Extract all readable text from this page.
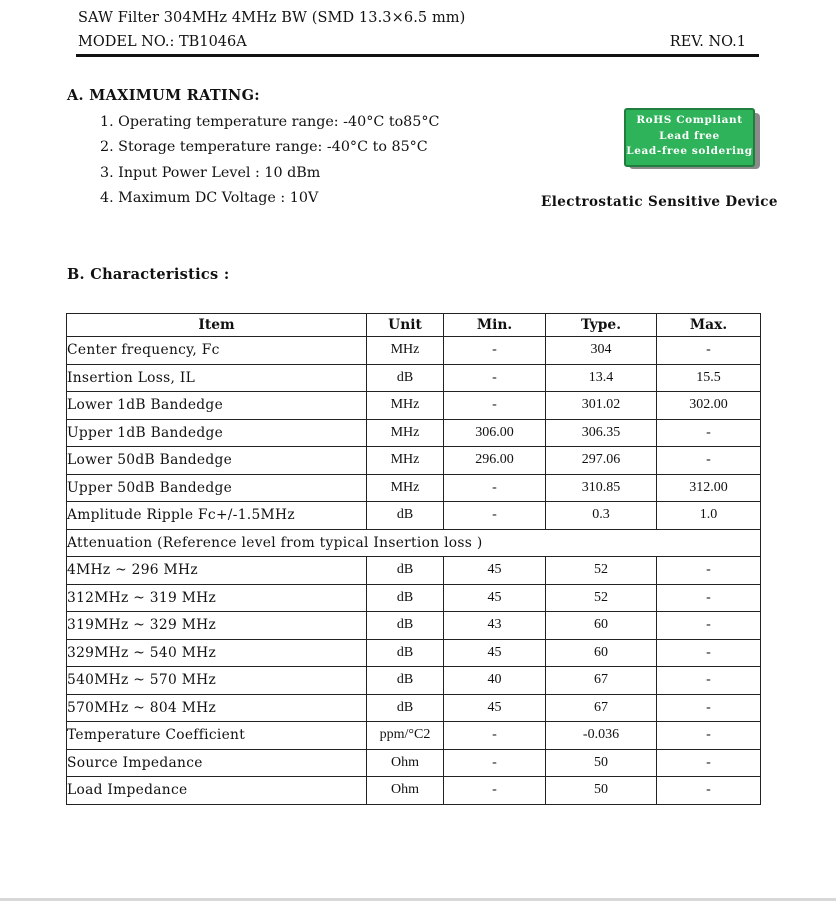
SAW Filter 304MHz 4MHz BW (SMD 13.3×6.5 mm)
MODEL NO.: TB1046A	REV. NO.1
A. MAXIMUM RATING:
1. Operating temperature range: -40°C to85°C
2. Storage temperature range: -40°C to 85°C
3. Input Power Level : 10 dBm
4. Maximum DC Voltage : 10V
RoHS Compliant
Lead free
Lead-free soldering
Electrostatic Sensitive Device
B. Characteristics :
Item	Unit	Min.	Type.	Max.
Center frequency, Fc	MHz	-	304	-
Insertion Loss, IL	dB	-	13.4	15.5
Lower 1dB Bandedge	MHz	-	301.02	302.00
Upper 1dB Bandedge	MHz	306.00	306.35	-
Lower 50dB Bandedge	MHz	296.00	297.06	-
Upper 50dB Bandedge	MHz	-	310.85	312.00
Amplitude Ripple Fc+/-1.5MHz	dB	-	0.3	1.0
Attenuation (Reference level from typical Insertion loss )				
4MHz ~ 296 MHz	dB	45	52	-
312MHz ~ 319 MHz	dB	45	52	-
319MHz ~ 329 MHz	dB	43	60	-
329MHz ~ 540 MHz	dB	45	60	-
540MHz ~ 570 MHz	dB	40	67	-
570MHz ~ 804 MHz	dB	45	67	-
Temperature Coefficient	ppm/°C2	-	-0.036	-
Source Impedance	Ohm	-	50	-
Load Impedance	Ohm	-	50	-
